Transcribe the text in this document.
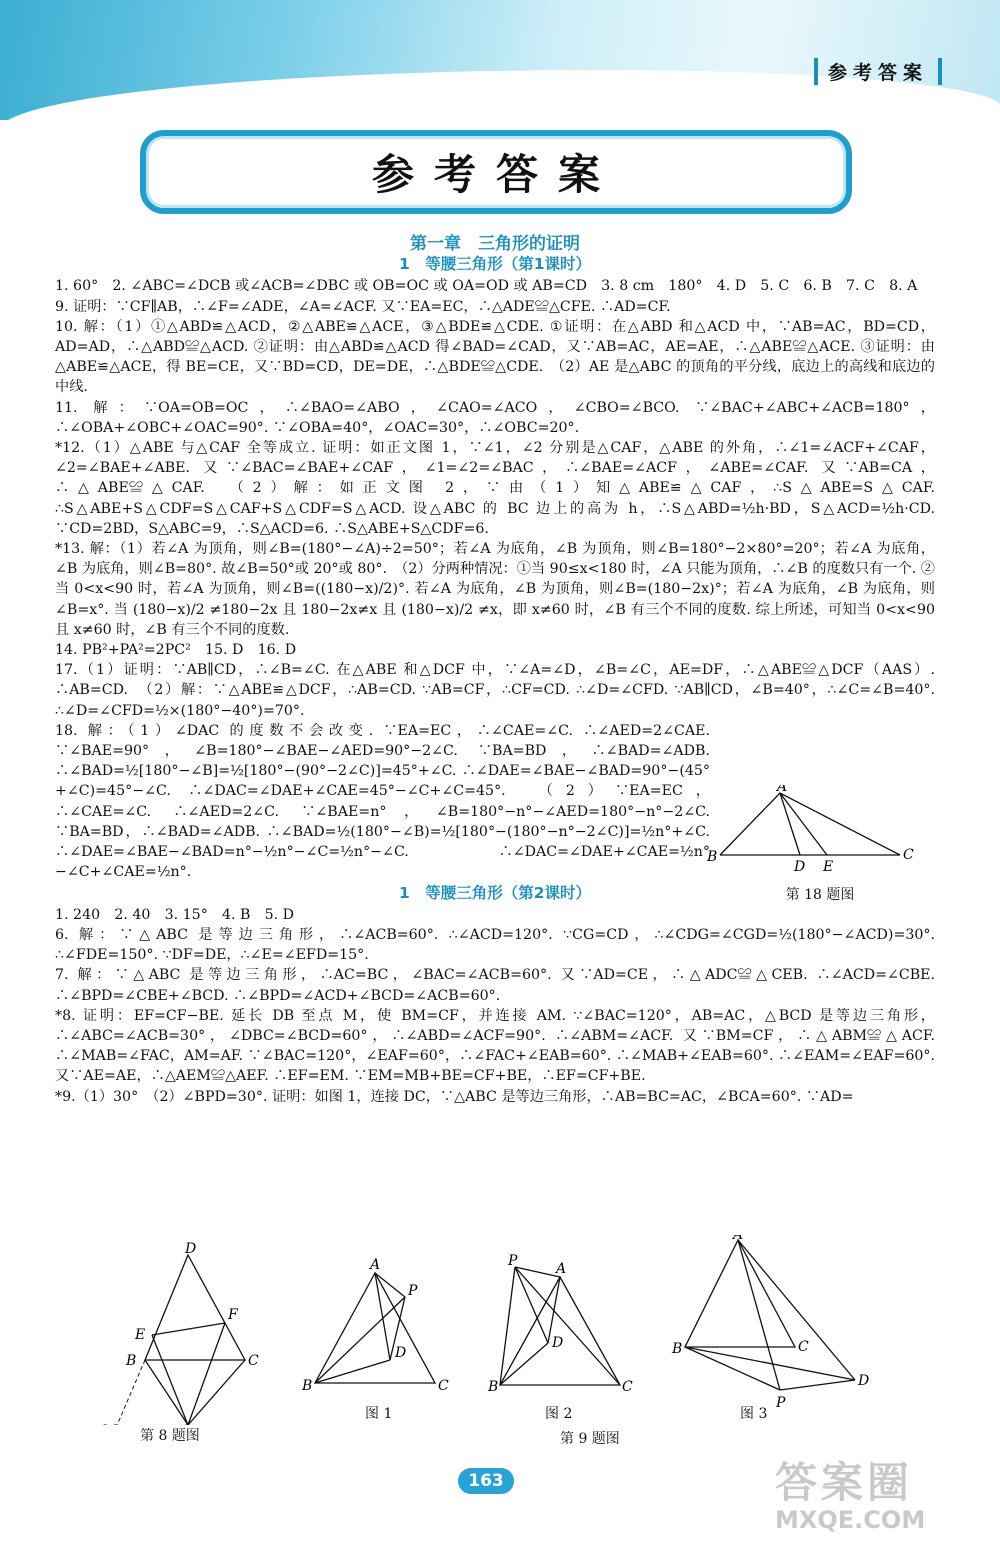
参考答案
参考答案
第一章　三角形的证明
1　等腰三角形（第1课时）

1. 60°　2. ∠ABC=∠DCB 或∠ACB=∠DBC 或 OB=OC 或 OA=OD 或 AB=CD　3. 8 cm　180°　4. D　5. C　6. B　7. C　8. A

9. 证明：∵CF∥AB，∴∠F=∠ADE，∠A=∠ACF. 又∵EA=EC，∴△ADE≌△CFE. ∴AD=CF.

10. 解：（1）①△ABD≌△ACD，②△ABE≌△ACE，③△BDE≌△CDE. ①证明：在△ABD 和△ACD 中，∵AB=AC，BD=CD，AD=AD，∴△ABD≌△ACD. ②证明：由△ABD≌△ACD 得∠BAD=∠CAD，又∵AB=AC，AE=AE，∴△ABE≌△ACE. ③证明：由△ABE≌△ACE，得 BE=CE，又∵BD=CD，DE=DE，∴△BDE≌△CDE.　（2）AE 是△ABC 的顶角的平分线，底边上的高线和底边的中线.

11. 解：∵OA=OB=OC，∴∠BAO=∠ABO，∠CAO=∠ACO，∠CBO=∠BCO. ∵∠BAC+∠ABC+∠ACB=180°，∴∠OBA+∠OBC+∠OAC=90°. ∵∠OBA=40°，∠OAC=30°，∴∠OBC=20°.

*12.（1）△ABE 与△CAF 全等成立. 证明：如正文图 1，∵∠1，∠2 分别是△CAF，△ABE 的外角，∴∠1=∠ACF+∠CAF，∠2=∠BAE+∠ABE. 又∵∠BAC=∠BAE+∠CAF，∠1=∠2=∠BAC，∴∠BAE=∠ACF，∠ABE=∠CAF. 又∵AB=CA，∴△ABE≌△CAF.　（2）解：如正文图 2，∵由（1）知△ABE≌△CAF，∴S△ABE=S△CAF. ∴S△ABE+S△CDF=S△CAF+S△CDF=S△ACD. 设△ABC 的 BC 边上的高为 h，∴S△ABD=½h·BD，S△ACD=½h·CD. ∵CD=2BD，S△ABC=9，∴S△ACD=6. ∴S△ABE+S△CDF=6.

*13. 解：（1）若∠A 为顶角，则∠B=(180°−∠A)÷2=50°；若∠A 为底角，∠B 为顶角，则∠B=180°−2×80°=20°；若∠A 为底角，∠B 为底角，则∠B=80°. 故∠B=50°或 20°或 80°.　（2）分两种情况：①当 90≤x<180 时，∠A 只能为顶角，∴∠B 的度数只有一个. ②当 0<x<90 时，若∠A 为顶角，则∠B=((180−x)/2)°. 若∠A 为底角，∠B 为顶角，则∠B=(180−2x)°；若∠A 为底角，∠B 为底角，则∠B=x°. 当 (180−x)/2 ≠180−2x 且 180−2x≠x 且 (180−x)/2 ≠x，即 x≠60 时，∠B 有三个不同的度数. 综上所述，可知当 0<x<90 且 x≠60 时，∠B 有三个不同的度数.

14. PB²+PA²=2PC²　15. D　16. D

17.（1）证明：∵AB∥CD，∴∠B=∠C. 在△ABE 和△DCF 中，∵∠A=∠D，∠B=∠C，AE=DF，∴△ABE≌△DCF（AAS）. ∴AB=CD.　（2）解：∵△ABE≌△DCF，∴AB=CD. ∵AB=CF，∴CF=CD. ∴∠D=∠CFD. ∵AB∥CD，∠B=40°，∴∠C=∠B=40°. ∴∠D=∠CFD=½×(180°−40°)=70°.

18. 解：（1）∠DAC 的度数不会改变. ∵EA=EC，∴∠CAE=∠C. ∴∠AED=2∠CAE. ∵∠BAE=90°，∠B=180°−∠BAE−∠AED=90°−2∠C. ∵BA=BD，∴∠BAD=∠ADB. ∴∠BAD=½[180°−∠B]=½[180°−(90°−2∠C)]=45°+∠C. ∴∠DAE=∠BAE−∠BAD=90°−(45°+∠C)=45°−∠C. ∴∠DAC=∠DAE+∠CAE=45°−∠C+∠C=45°.　（2）∵EA=EC，∴∠CAE=∠C. ∴∠AED=2∠C. ∵∠BAE=n°，∠B=180°−n°−∠AED=180°−n°−2∠C. ∵BA=BD，∴∠BAD=∠ADB. ∴∠BAD=½(180°−∠B)=½[180°−(180°−n°−2∠C)]=½n°+∠C. ∴∠DAE=∠BAE−∠BAD=n°−½n°−∠C=½n°−∠C. ∴∠DAC=∠DAE+∠CAE=½n°−∠C+∠CAE=½n°.

1　等腰三角形（第2课时）

1. 240　2. 40　3. 15°　4. B　5. D

6. 解：∵△ABC 是等边三角形，∴∠ACB=60°. ∴∠ACD=120°. ∵CG=CD，∴∠CDG=∠CGD=½(180°−∠ACD)=30°. ∴∠FDE=150°. ∵DF=DE，∴∠E=∠EFD=15°.

7. 解：∵△ABC 是等边三角形，∴AC=BC，∠BAC=∠ACB=60°. 又∵AD=CE，∴△ADC≌△CEB. ∴∠ACD=∠CBE. ∴∠BPD=∠CBE+∠BCD. ∴∠BPD=∠ACD+∠BCD=∠ACB=60°.

*8. 证明：EF=CF−BE. 延长 DB 至点 M，使 BM=CF，并连接 AM. ∵∠BAC=120°，AB=AC，△BCD 是等边三角形，∴∠ABC=∠ACB=30°，∠DBC=∠BCD=60°，∴∠ABD=∠ACF=90°. ∴∠ABM=∠ACF. 又∵BM=CF，∴△ABM≌△ACF. ∴∠MAB=∠FAC，AM=AF. ∵∠BAC=120°，∠EAF=60°，∴∠FAC+∠EAB=60°. ∴∠MAB+∠EAB=60°. ∴∠EAM=∠EAF=60°. 又∵AE=AE，∴△AEM≌△AEF. ∴EF=EM. ∵EM=MB+BE=CF+BE，∴EF=CF+BE.

*9.（1）30°　（2）∠BPD=30°. 证明：如图 1，连接 DC，∵△ABC 是等边三角形，∴AB=BC=AC，∠BCA=60°. ∵AD=

A
B	C
D E
第 18 题图
D
E
F
B	C
A
P
D
B	C
P	A
D
B	C
A
B	C
D
P
第 8 题图
图 1	图 2	图 3
第 9 题图
163	答案圈
MXQE.COM
